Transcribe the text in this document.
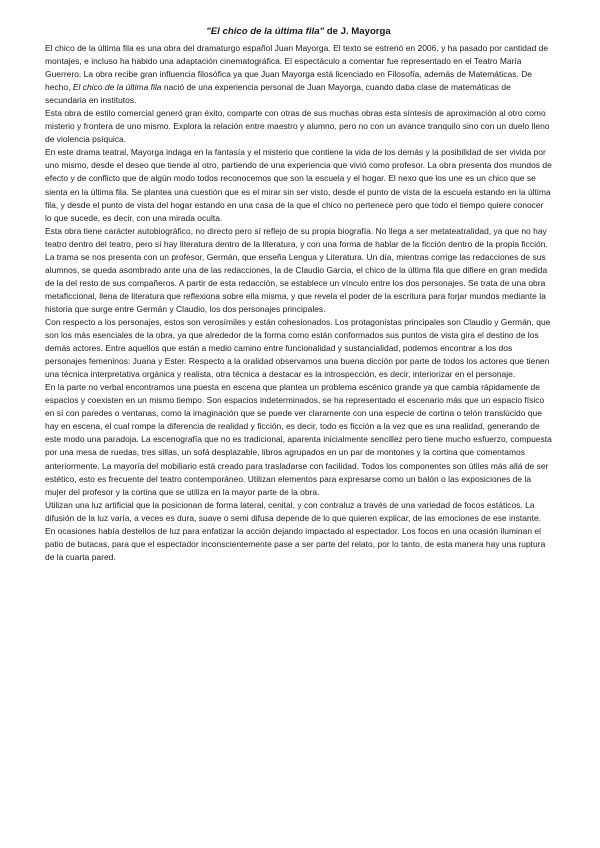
"El chico de la última fila" de J. Mayorga

El chico de la última fila es una obra del dramaturgo español Juan Mayorga. El texto se estrenó en 2006, y ha pasado por cantidad de montajes, e incluso ha habido una adaptación cinematográfica. El espectáculo a comentar fue representado en el Teatro María Guerrero. La obra recibe gran influencia filosófica ya que Juan Mayorga está licenciado en Filosofía, además de Matemáticas. De hecho, El chico de la última fila nació de una experiencia personal de Juan Mayorga, cuando daba clase de matemáticas de secundaria en institutos.

Esta obra de estilo comercial generó gran éxito, comparte con otras de sus muchas obras esta síntesis de aproximación al otro como misterio y frontera de uno mismo. Explora la relación entre maestro y alumno, pero no con un avance tranquilo sino con un duelo lleno de violencia psíquica.

En este drama teatral, Mayorga indaga en la fantasía y el misterio que contiene la vida de los demás y la posibilidad de ser vivida por uno mismo, desde el deseo que tiende al otro, partiendo de una experiencia que vivió como profesor. La obra presenta dos mundos de efecto y de conflicto que de algún modo todos reconocemos que son la escuela y el hogar. El nexo que los une es un chico que se sienta en la última fila. Se plantea una cuestión que es el mirar sin ser visto, desde el punto de vista de la escuela estando en la última fila, y desde el punto de vista del hogar estando en una casa de la que el chico no pertenece pero que todo el tiempo quiere conocer lo que sucede, es decir, con una mirada oculta.

Esta obra tiene carácter autobiográfico, no directo pero sí reflejo de su propia biografía. No llega a ser metateatralidad, ya que no hay teatro dentro del teatro, pero sí hay literatura dentro de la literatura, y con una forma de hablar de la ficción dentro de la propia ficción.

La trama se nos presenta con un profesor, Germán, que enseña Lengua y Literatura. Un día, mientras corrige las redacciones de sus alumnos, se queda asombrado ante una de las redacciones, la de Claudio Garcia, el chico de la última fila que difiere en gran medida de la del resto de sus compañeros. A partir de esta redacción, se establece un vínculo entre los dos personajes. Se trata de una obra metaficcional, llena de literatura que reflexiona sobre ella misma, y que revela el poder de la escritura para forjar mundos mediante la historia que surge entre Germán y Claudio, los dos personajes principales.

Con respecto a los personajes, estos son verosímiles y están cohesionados. Los protagonistas principales son Claudio y Germán, que son los más esenciales de la obra, ya que alrededor de la forma como están conformados sus puntos de vista gira el destino de los demás actores. Entre aquellos que están a medio camino entre funcionalidad y sustancialidad, podemos encontrar a los dos personajes femeninos: Juana y Ester. Respecto a la oralidad observamos una buena dicción por parte de todos los actores que tienen una técnica interpretativa orgánica y realista, otra técnica a destacar es la introspección, es decir, interiorizar en el personaje.

En la parte no verbal encontramos una puesta en escena que plantea un problema escénico grande ya que cambia rápidamente de espacios y coexisten en un mismo tiempo. Son espacios indeterminados, se ha representado el escenario más que un espacio físico en sí con paredes o ventanas, como la imaginación que se puede ver claramente con una especie de cortina o telón translúcido que hay en escena, el cual rompe la diferencia de realidad y ficción, es decir, todo es ficción a la vez que es una realidad, generando de este modo una paradoja. La escenografía que no es tradicional, aparenta inicialmente sencillez pero tiene mucho esfuerzo, compuesta por una mesa de ruedas, tres sillas, un sofá desplazable, libros agrupados en un par de montones y la cortina que comentamos anteriormente. La mayoría del mobiliario está creado para trasladarse con facilidad. Todos los componentes son útiles más allá de ser estético, esto es frecuente del teatro contemporáneo. Utilizan elementos para expresarse como un balón o las exposiciones de la mujer del profesor y la cortina que se utiliza en la mayor parte de la obra.

Utilizan una luz artificial que la posicionan de forma lateral, cenital, y con contraluz a través de una variedad de focos estáticos. La difusión de la luz varía, a veces es dura, suave o semi difusa depende de lo que quieren explicar, de las emociones de ese instante. En ocasiones había destellos de luz para enfatizar la acción dejando impactado al espectador. Los focos en una ocasión iluminan el patio de butacas, para que el espectador inconscientemente pase a ser parte del relato, por lo tanto, de esta manera hay una ruptura de la cuarta pared.
